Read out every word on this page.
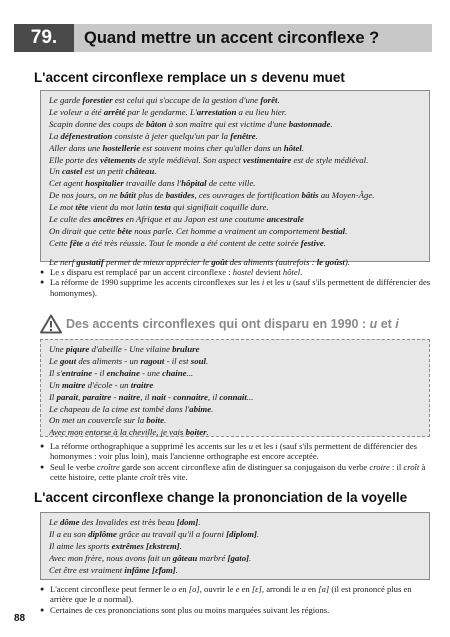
79.	Quand mettre un accent circonflexe ?
L'accent circonflexe remplace un s devenu muet
Le garde forestier est celui qui s'occupe de la gestion d'une forêt.
Le voleur a été arrêté par le gendarme. L'arrestation a eu lieu hier.
Scapin donne des coups de bâton à son maître qui est victime d'une bastonnade.
La défenestration consiste à jeter quelqu'un par la fenêtre.
Aller dans une hostellerie est souvent moins cher qu'aller dans un hôtel.
Elle porte des vêtements de style médiéval. Son aspect vestimentaire est de style médiéval.
Un castel est un petit château.
Cet agent hospitalier travaille dans l'hôpital de cette ville.
De nos jours, on ne bâtit plus de bastides, ces ouvrages de fortification bâtis au Moyen-Âge.
Le mot tête vient du mot latin testa qui signifiait coquille dure.
Le culte des ancêtres en Afrique et au Japon est une coutume ancestrale
On dirait que cette bête nous parle. Cet homme a vraiment un comportement bestial.
Cette fête a été très réussie. Tout le monde a été content de cette soirée festive.
Le nerf gustatif permet de mieux apprécier le goût des aliments (autrefois : le goûst).
● Le s disparu est remplacé par un accent circonflexe : hostel devient hôtel.
● La réforme de 1990 supprime les accents circonflexes sur les i et les u (sauf s'ils permettent de différencier des homonymes).
Des accents circonflexes qui ont disparu en 1990 : u et i
Une piqure d'abeille - Une vilaine brulure
Le gout des aliments - un ragout - il est soul.
Il s'entraine - il enchaine - une chaine...
Un maitre d'école - un traitre
Il parait, paraitre - naitre, il nait - connaitre, il connait...
Le chapeau de la cime est tombé dans l'abime.
On met un couvercle sur la boite.
Avec mon entorse à la cheville, je vais boiter.
● La réforme orthographique a supprimé les accents sur les u et les i (sauf s'ils permettent de différencier des homonymes : voir plus loin), mais l'ancienne orthographe est encore acceptée.
● Seul le verbe croître garde son accent circonflexe afin de distinguer sa conjugaison du verbe croire : il croît à cette histoire, cette plante croît très vite.
L'accent circonflexe change la prononciation de la voyelle
Le dôme des Invalides est très beau [dom].
Il a eu son diplôme grâce au travail qu'il a fourni [diplom].
Il aime les sports extrêmes [ɛkstrɛm].
Avec mon frère, nous avons fait un gâteau marbré [gato].
Cet être est vraiment infâme [ɛ̃fam].
● L'accent circonflexe peut fermer le o en [o], ouvrir le e en [ɛ], arrondi le a en [ɑ] (il est prononcé plus en arrière que le a normal).
● Certaines de ces prononciations sont plus ou moins marquées suivant les régions.
88
